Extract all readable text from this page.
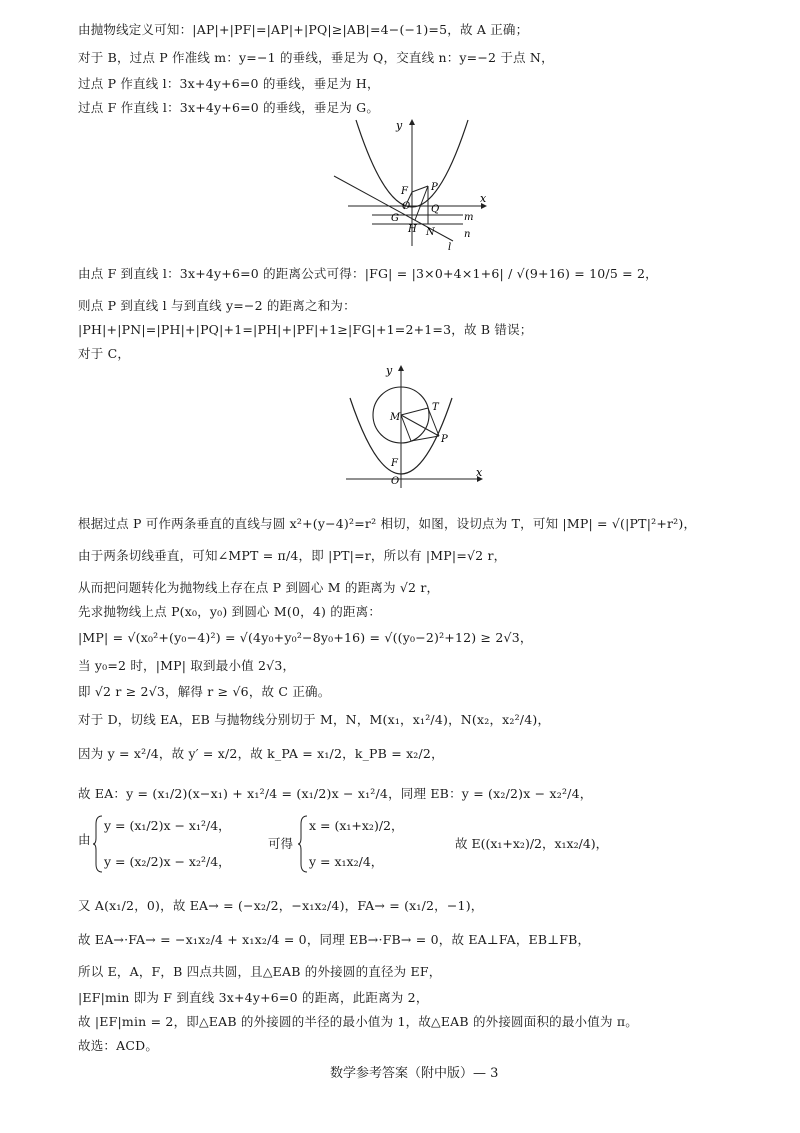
由抛物线定义可知：|AP|+|PF|=|AP|+|PQ|≥|AB|=4−(−1)=5，故 A 正确；
对于 B，过点 P 作准线 m：y=−1 的垂线，垂足为 Q，交直线 n：y=−2 于点 N，
过点 P 作直线 l：3x+4y+6=0 的垂线，垂足为 H，
过点 F 作直线 l：3x+4y+6=0 的垂线，垂足为 G。
y
x
F P
O Q
G
H N
m
n
l
由点 F 到直线 l：3x+4y+6=0 的距离公式可得：|FG| = |3×0+4×1+6| / √(9+16) = 10/5 = 2，
则点 P 到直线 l 与到直线 y=−2 的距离之和为：
|PH|+|PN|=|PH|+|PQ|+1=|PH|+|PF|+1≥|FG|+1=2+1=3，故 B 错误；
对于 C，
y
x
M
T
P
F
O
根据过点 P 可作两条垂直的直线与圆 x²+(y−4)²=r² 相切，如图，设切点为 T，可知 |MP| = √(|PT|²+r²)，
由于两条切线垂直，可知∠MPT = π/4，即 |PT|=r，所以有 |MP|=√2 r，
从而把问题转化为抛物线上存在点 P 到圆心 M 的距离为 √2 r，
先求抛物线上点 P(x₀，y₀) 到圆心 M(0，4) 的距离：
|MP| = √(x₀²+(y₀−4)²) = √(4y₀+y₀²−8y₀+16) = √((y₀−2)²+12) ≥ 2√3，
当 y₀=2 时，|MP| 取到最小值 2√3，
即 √2 r ≥ 2√3，解得 r ≥ √6，故 C 正确。
对于 D，切线 EA，EB 与抛物线分别切于 M，N，M(x₁，x₁²/4)，N(x₂，x₂²/4)，
因为 y = x²/4，故 y′ = x/2，故 k_PA = x₁/2，k_PB = x₂/2，
故 EA：y = (x₁/2)(x−x₁) + x₁²/4 = (x₁/2)x − x₁²/4，同理 EB：y = (x₂/2)x − x₂²/4，
由
y = (x₁/2)x − x₁²/4，
y = (x₂/2)x − x₂²/4，
可得
x = (x₁+x₂)/2，
y = x₁x₂/4，
故 E((x₁+x₂)/2，x₁x₂/4)，
又 A(x₁/2，0)，故 EA→ = (−x₂/2，−x₁x₂/4)，FA→ = (x₁/2，−1)，
故 EA→·FA→ = −x₁x₂/4 + x₁x₂/4 = 0，同理 EB→·FB→ = 0，故 EA⊥FA，EB⊥FB，
所以 E，A，F，B 四点共圆，且△EAB 的外接圆的直径为 EF，
|EF|min 即为 F 到直线 3x+4y+6=0 的距离，此距离为 2，
故 |EF|min = 2，即△EAB 的外接圆的半径的最小值为 1，故△EAB 的外接圆面积的最小值为 π。
故选：ACD。
数学参考答案（附中版）— 3
